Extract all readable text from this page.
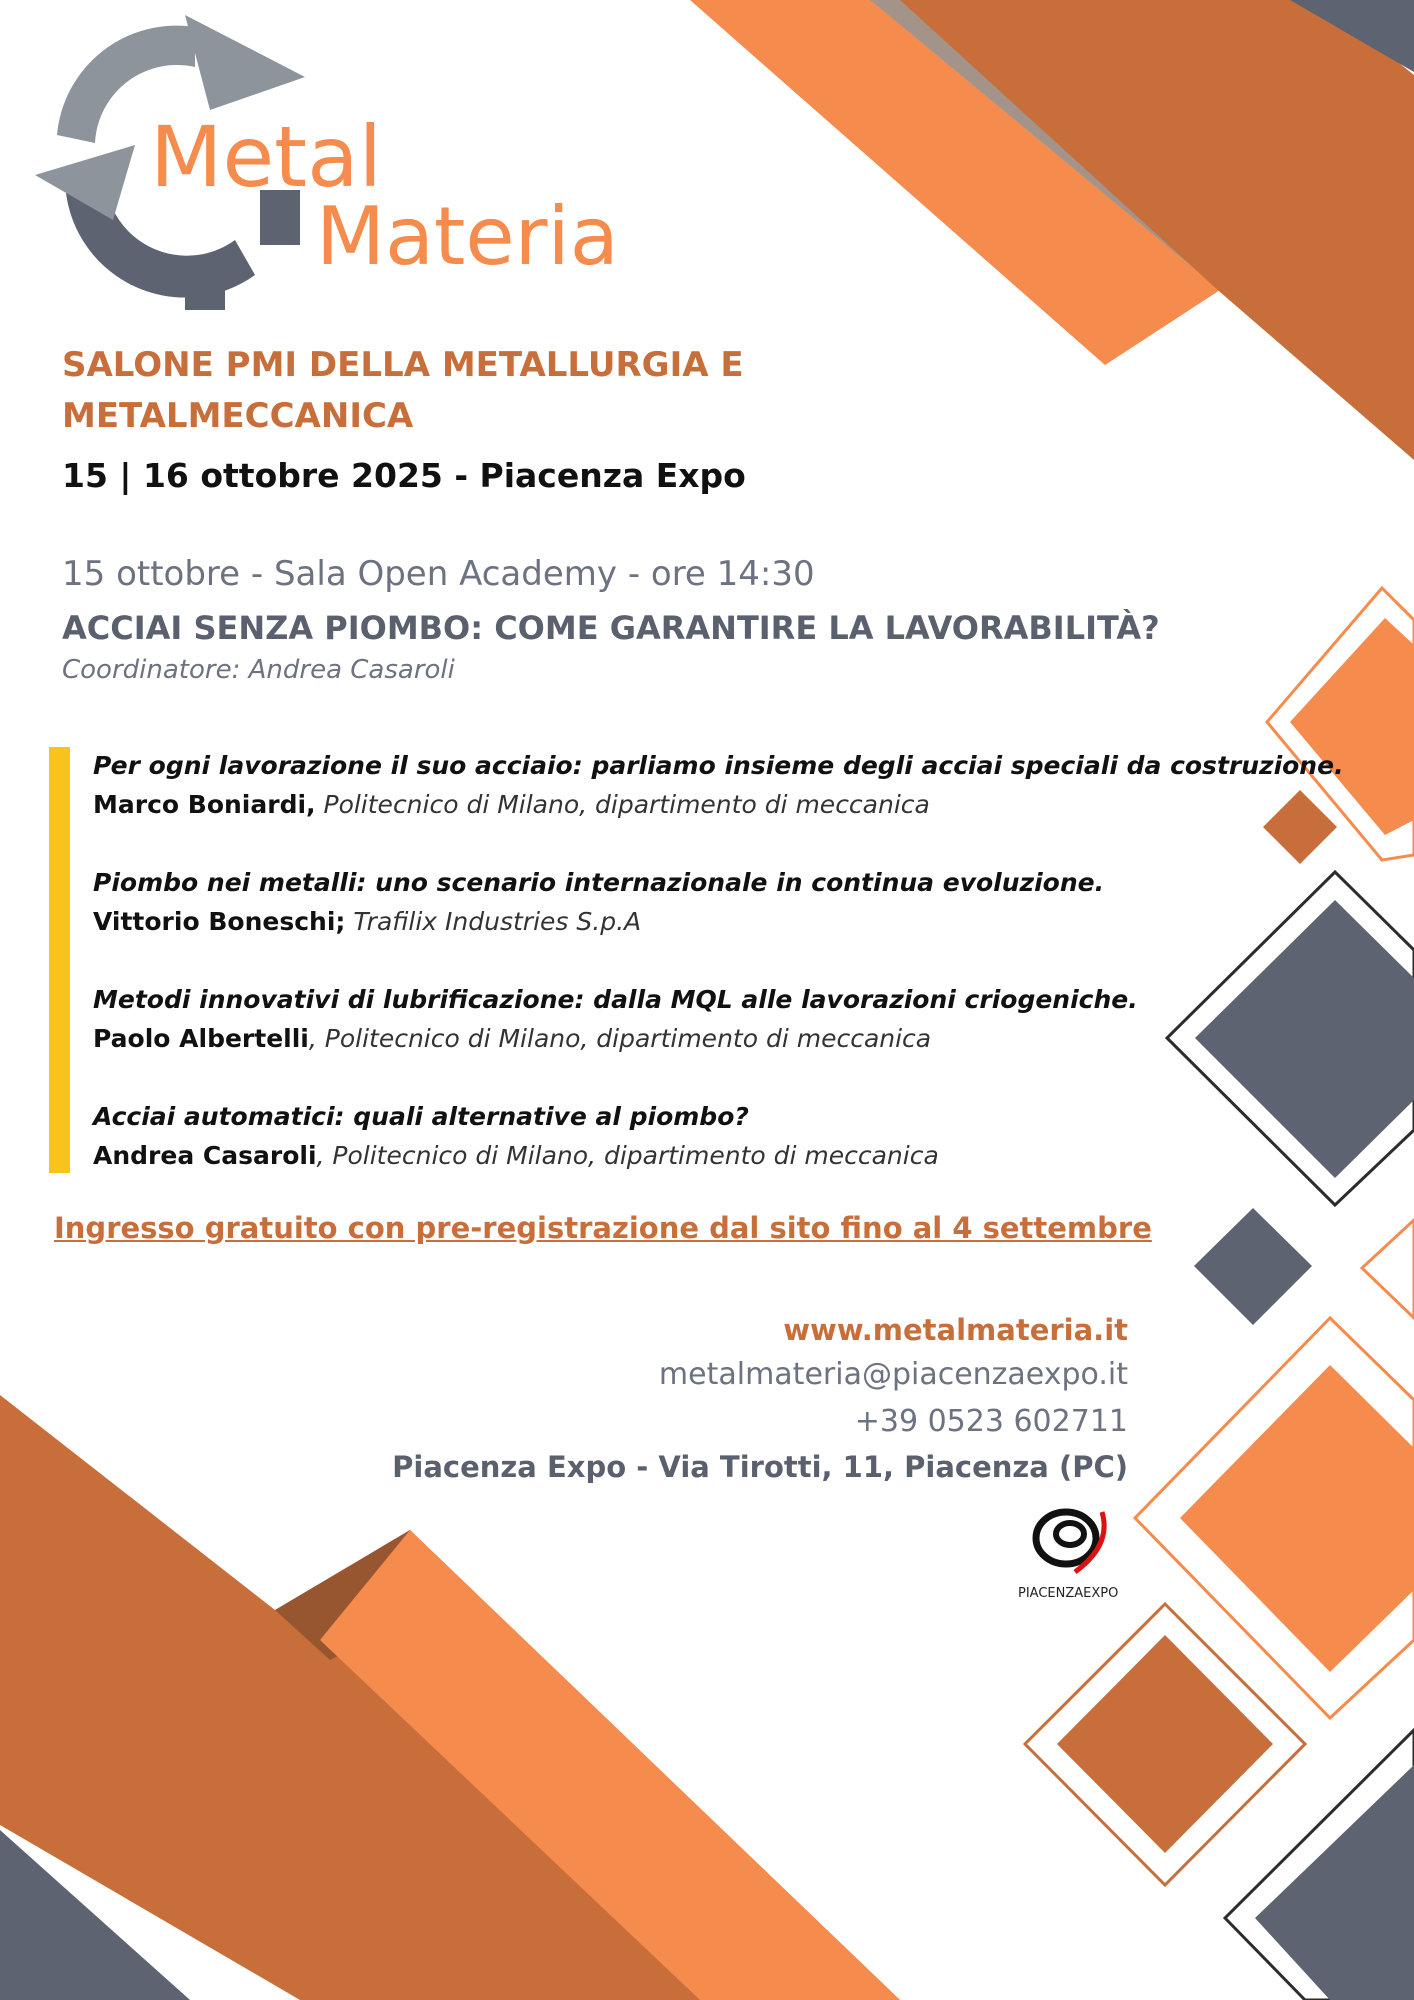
Metal
Materia
SALONE PMI DELLA METALLURGIA E METALMECCANICA
15 | 16 ottobre 2025 - Piacenza Expo
15 ottobre - Sala Open Academy - ore 14:30
ACCIAI SENZA PIOMBO: COME GARANTIRE LA LAVORABILITÀ?
Coordinatore: Andrea Casaroli
Per ogni lavorazione il suo acciaio: parliamo insieme degli acciai speciali da costruzione.
Marco Boniardi, Politecnico di Milano, dipartimento di meccanica
Piombo nei metalli: uno scenario internazionale in continua evoluzione.
Vittorio Boneschi; Trafilix Industries S.p.A
Metodi innovativi di lubrificazione: dalla MQL alle lavorazioni criogeniche.
Paolo Albertelli, Politecnico di Milano, dipartimento di meccanica
Acciai automatici: quali alternative al piombo?
Andrea Casaroli, Politecnico di Milano, dipartimento di meccanica
Ingresso gratuito con pre-registrazione dal sito fino al 4 settembre
www.metalmateria.it
metalmateria@piacenzaexpo.it
+39 0523 602711
Piacenza Expo - Via Tirotti, 11, Piacenza (PC)
PIACENZAEXPO
